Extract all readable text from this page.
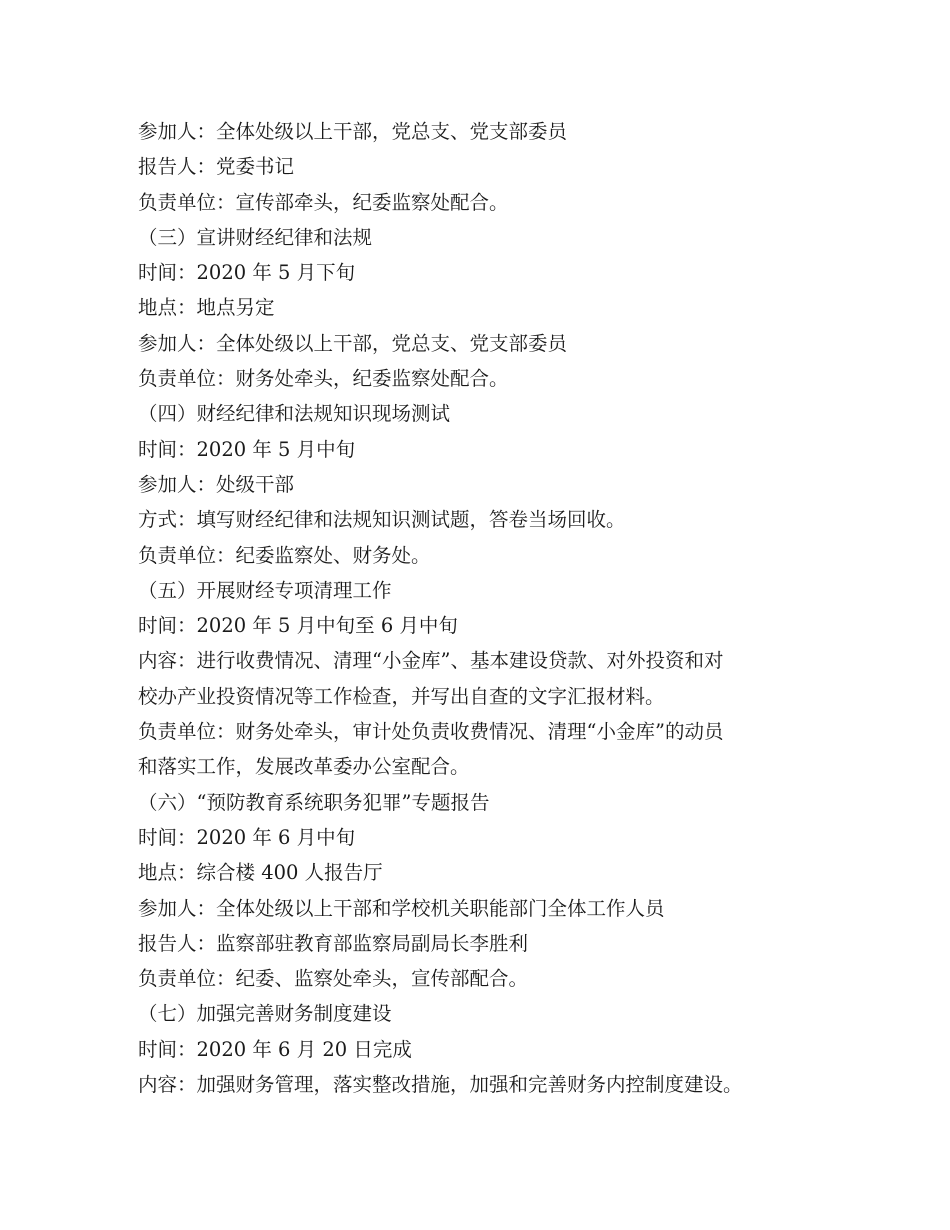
参加人：全体处级以上干部，党总支、党支部委员

报告人：党委书记

负责单位：宣传部牵头，纪委监察处配合。

（三）宣讲财经纪律和法规

时间：2020 年 5 月下旬

地点：地点另定

参加人：全体处级以上干部，党总支、党支部委员

负责单位：财务处牵头，纪委监察处配合。

（四）财经纪律和法规知识现场测试

时间：2020 年 5 月中旬

参加人：处级干部

方式：填写财经纪律和法规知识测试题，答卷当场回收。

负责单位：纪委监察处、财务处。

（五）开展财经专项清理工作

时间：2020 年 5 月中旬至 6 月中旬

内容：进行收费情况、清理“小金库”、基本建设贷款、对外投资和对

校办产业投资情况等工作检查，并写出自查的文字汇报材料。

负责单位：财务处牵头，审计处负责收费情况、清理“小金库”的动员

和落实工作，发展改革委办公室配合。

（六）“预防教育系统职务犯罪”专题报告

时间：2020 年 6 月中旬

地点：综合楼 400 人报告厅

参加人：全体处级以上干部和学校机关职能部门全体工作人员

报告人：监察部驻教育部监察局副局长李胜利

负责单位：纪委、监察处牵头，宣传部配合。

（七）加强完善财务制度建设

时间：2020 年 6 月 20 日完成

内容：加强财务管理，落实整改措施，加强和完善财务内控制度建设。
